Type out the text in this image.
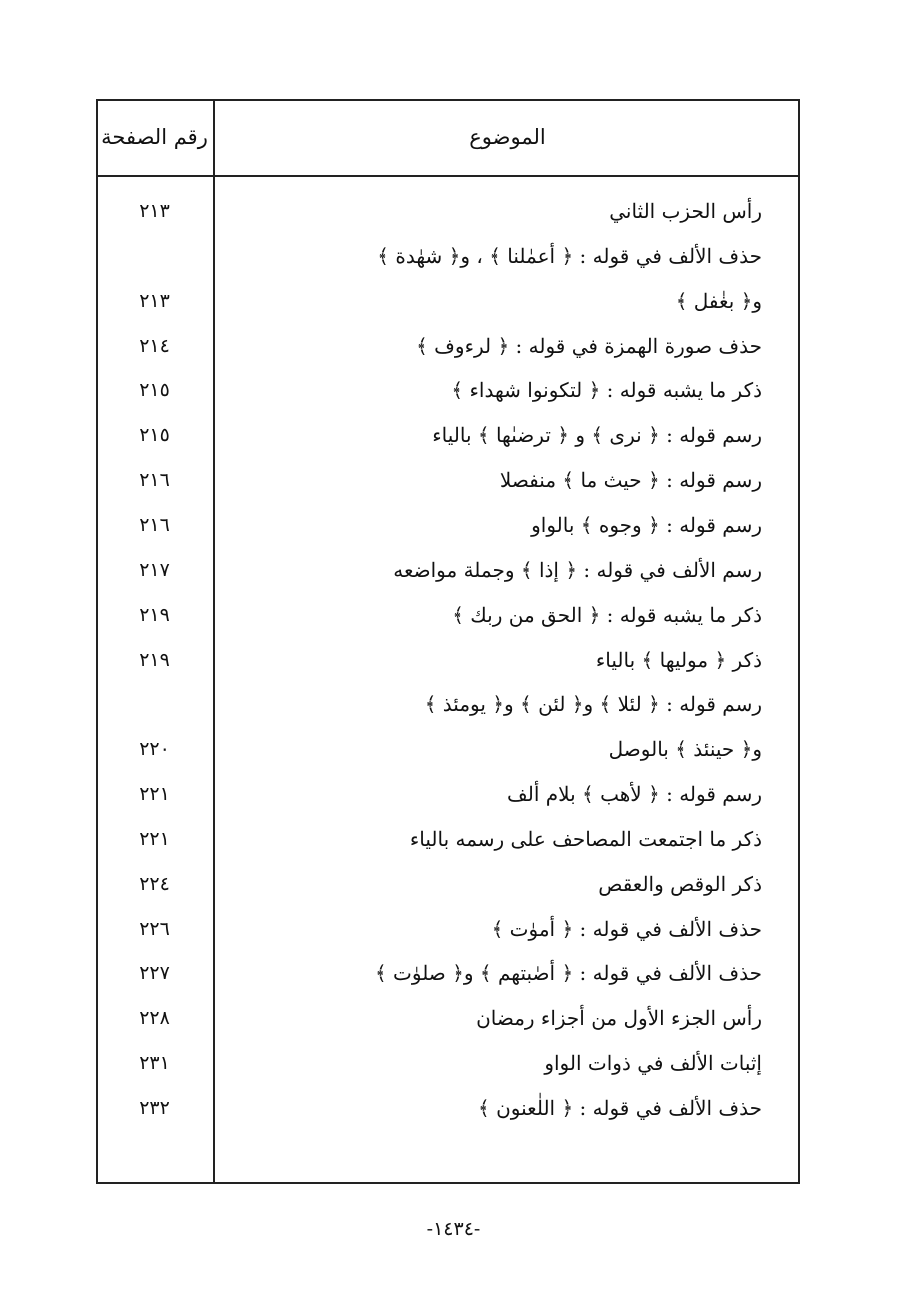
الموضوع
رقم الصفحة
رأس الحزب الثاني
٢١٣
حذف الألف في قوله : ﴿ أعمٰلنا ﴾ ، و﴿ شهٰدة ﴾
و﴿ بغٰفل ﴾
٢١٣
حذف صورة الهمزة في قوله : ﴿ لرءوف ﴾
٢١٤
ذكر ما يشبه قوله : ﴿ لتكونوا شهداء ﴾
٢١٥
رسم قوله : ﴿ نرى ﴾ و ﴿ ترضىٰها ﴾ بالياء
٢١٥
رسم قوله : ﴿ حيث ما ﴾ منفصلا
٢١٦
رسم قوله : ﴿ وجوه ﴾ بالواو
٢١٦
رسم الألف في قوله : ﴿ إذا ﴾ وجملة مواضعه
٢١٧
ذكر ما يشبه قوله : ﴿ الحق من ربك ﴾
٢١٩
ذكر ﴿ موليها ﴾ بالياء
٢١٩
رسم قوله : ﴿ لئلا ﴾ و﴿ لئن ﴾ و﴿ يومئذ ﴾
و﴿ حينئذ ﴾ بالوصل
٢٢٠
رسم قوله : ﴿ لأهب ﴾ بلام ألف
٢٢١
ذكر ما اجتمعت المصاحف على رسمه بالياء
٢٢١
ذكر الوقص والعقص
٢٢٤
حذف الألف في قوله : ﴿ أموٰت ﴾
٢٢٦
حذف الألف في قوله : ﴿ أصٰبتهم ﴾ و﴿ صلوٰت ﴾
٢٢٧
رأس الجزء الأول من أجزاء رمضان
٢٢٨
إثبات الألف في ذوات الواو
٢٣١
حذف الألف في قوله : ﴿ اللٰعنون ﴾
٢٣٢
-١٤٣٤-
